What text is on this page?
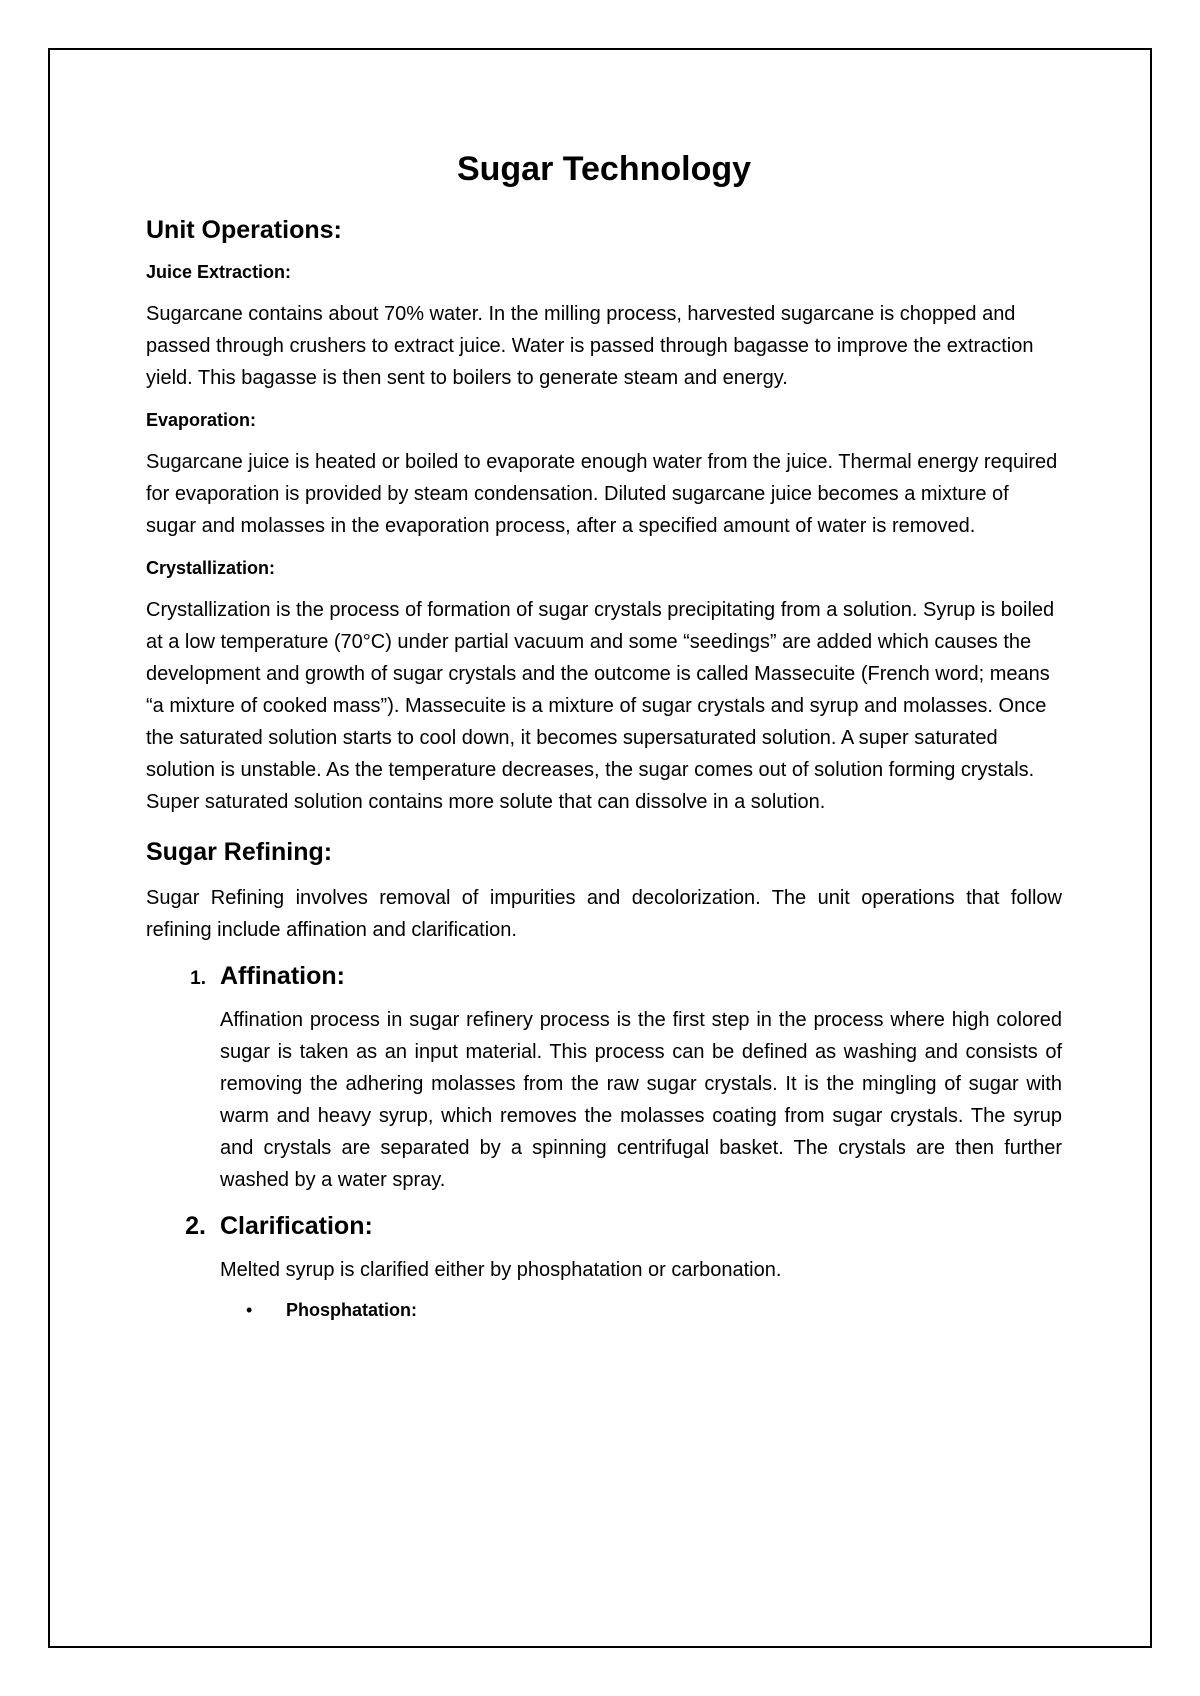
Sugar Technology
Unit Operations:
Juice Extraction:

Sugarcane contains about 70% water. In the milling process, harvested sugarcane is chopped and passed through crushers to extract juice. Water is passed through bagasse to improve the extraction yield. This bagasse is then sent to boilers to generate steam and energy.

Evaporation:

Sugarcane juice is heated or boiled to evaporate enough water from the juice. Thermal energy required for evaporation is provided by steam condensation. Diluted sugarcane juice becomes a mixture of sugar and molasses in the evaporation process, after a specified amount of water is removed.

Crystallization:

Crystallization is the process of formation of sugar crystals precipitating from a solution. Syrup is boiled at a low temperature (70°C) under partial vacuum and some “seedings” are added which causes the development and growth of sugar crystals and the outcome is called Massecuite (French word; means “a mixture of cooked mass”). Massecuite is a mixture of sugar crystals and syrup and molasses. Once the saturated solution starts to cool down, it becomes supersaturated solution. A super saturated solution is unstable. As the temperature decreases, the sugar comes out of solution forming crystals. Super saturated solution contains more solute that can dissolve in a solution.

Sugar Refining:

Sugar Refining involves removal of impurities and decolorization. The unit operations that follow refining include affination and clarification.

1. Affination:

Affination process in sugar refinery process is the first step in the process where high colored sugar is taken as an input material. This process can be defined as washing and consists of removing the adhering molasses from the raw sugar crystals. It is the mingling of sugar with warm and heavy syrup, which removes the molasses coating from sugar crystals. The syrup and crystals are separated by a spinning centrifugal basket. The crystals are then further washed by a water spray.

2. Clarification:

Melted syrup is clarified either by phosphatation or carbonation.

•	Phosphatation:
